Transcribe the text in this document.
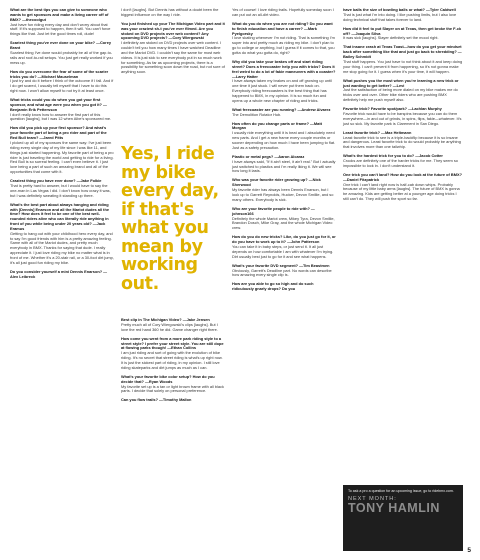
What are the best tips you can give to someone who wants to get sponsors and make a living career off of BMX? —thecoolgut
Just have fun riding every day and don't worry about that stuff. If it's supposed to happen, then it will. You can't force things like that. Just let the good times roll, dude!
Scariest thing you've ever done on your bike? —Corey Brant
Scariest thing I've done would probably be all of the gap-to-rails and roof-to-rail setups. You just get really worked if you mess up.
How do you overcome the fear of some of the scarier tricks you do? —Michael Mauselman
I just try and do it before I think of the outcome if I fall. And if I do get scared, I usually tell myself that I have to do this right now. I won't allow myself to not try it at least once.
What tricks could you do when you got your first sponsor, and what age were you when you got it? —Benjamin Erik Pettersson
I don't really know how to answer the first part of this question [laughs], but I was 12 when Albe's sponsored me.
How did you pick up your first sponsor? And what's your favorite part of being a pro rider and part of the Red Bull team? —Jared Pitts
I picked up all of my sponsors the same way: I've just been riding every single day of my life since I was like 11, and things just started happening. My favorite part of being a pro rider is just traveling the world and getting to ride for a living. Red Bull is so surreal feeling. I can't even believe it. I just love being a part of such an amazing brand and all of the opportunities that come with it.
Craziest thing you have ever done? —Jake Folkie
That is pretty hard to answer, but I would have to say the one-man in Las Vegas I did. I don't know how crazy it was, but I was definitely sweating it standing up there.
What's the best part about always hanging and riding with [Dennis] Enarson and all the Mariot dudes all the time? How does it feel to be one of the best well-rounded riders alive who can literally ride anything in front of you while being under 20 years old? —Jack Eramus
Getting to hang out with your childhood hero every day, and to say I'm good friends with him is a pretty amazing feeling. Same with all of the Mariot dudes, and pretty much everybody in BMX. Thanks for saying that dude. I really appreciate it. I just love riding my bike no matter what is in front of me. Whether it's a 20-stair rail, or a 30-foot dirt jump, it's all just good fun riding my bike.
Do you consider yourself a mini Dennis Enarson? —Alex Leibreck
I don't [laughs]. But Dennis has without a doubt been the biggest influence on the way I ride.
You just finished up your The Michigan Video part and it was your craziest sh-t you've ever filmed. Are you stoked on DVD projects over web content? Any upcoming DVD projects? —Cory Wiergowski
I definitely am stoked on DVD projects over web content. I couldn't tell you how many times I have watched Deadline and the Mariot DVD. I couldn't say the same for most web videos. It is just sick to see everybody put in so much work for something. As far as upcoming projects, there is a possibility for something soon down the road, but not sure of anything soon.
Yes, I ride my bike every day, if that's what you mean by working out.
Best clip in The Michigan Video? —Jake Jensen
Pretty much all of Cory Wiergowski's clips [laughs]. But I love the red hand 360 he did. Game changer right there.
How come you went from a more park riding style to a street style? I prefer your street style. You are still dope at flowing parks though! —Ethan Collins
I am just riding and sort of going with the evolution of bike riding. It's no secret that street riding is what's up right now. It is just the sickest part of riding, in my opinion. I still love riding skateparks and dirt jumps as much as I can.
What's your favorite bike color setup? How do you decide that? —Ryan Woods
My favorite set up is a tan or light brown frame with all black parts. I decide that solely on personal preference.
Can you flow trails? —Timothy Mallon
Yes of course! I love riding trails. Hopefully someday soon I can put out an all-dirt video.
What do you do when you are not riding? Do you want to finish education and have a career? —Mark Pyelgorsky
I love skating whenever I'm not riding. That is something I'm super into and pretty much as riding my bike. I don't plan to go to college or anything, but I guess if it comes to that, you gotta do what you gotta do, right?
Why did you take your brakes off and start riding street? Does a freecoaster help you with tricks? Does it feel weird to do a lot of fakie maneuvers with a coaster? —Larry Hatter
I have always taken my brakes on and off growing up until one time it just stuck. I will never put them back on. Everybody riding freecoasters is the best thing that has happened to BMX, in my opinion. It is so much fun and opens up a whole new chapter of riding and tricks.
What freecoaster are you running? —Andrew Alvarez
The Demolition Rotator Hub.
How often do you change parts or frame? —Matt Morgan
I usually ride everything until it is beat and I absolutely need new parts. And I get a new frame every couple months or sooner depending on how much I have been jumping to flat. Just as a safety precaution.
Plastic or metal pegs? —Aaron Alcaraz
I have always said, "If it ain't steel, it ain't real." But I actually just switched to plastics and I'm really liking it. We will see how long it lasts.
Who was your favorite rider growing up? —Nick Sherwood
My favorite rider has always been Dennis Enarson, but I look up to Garrett Reynolds, Hucker, Devon Smillie, and so many others. Everybody is sick.
Who are your favorite people to ride with? —johnson166
Definitely the whole Mariot crew, Mikey Tyra, Devon Smillie, Brandon Dosch, Mike Gray, and the whole Michigan Video crew.
How do you do new tricks? Like, do you just go for it, or do you have to work up to it? —John Patterson
You can take it in baby steps, or just send it. It all just depends on how comfortable I am with whatever I'm trying. Dirt usually best just to go for it and see what happens.
What's your favorite DVD segment? —Tim Beastmen
Obviously, Garrett's Deadline part. No words can describe how amazing every single clip is.
How are you able to go so high and do such ridiculously gnarly drops? Do you
have balls the size of bowling balls or what? —Tyler Caldwell
That is just what I'm into doing. I like pushing limits, but I also love doing technical stuff that takes forever to land.
How did it feel to put Slayer on at Texas, then get broke the F-ck off? —Joaquin Silva
It was sick [laughs]. Slayer definitely set the mood right.
That insane crash at Texas Toast—how do you get your mindset back after something like that and just go back to shredding? —Bailey Schmidt
That stuff happens. You just have to not think about it and keep doing your thing. I can't prevent it from happening, so it's not gonna make me stop going for it. I guess when it's your time, it will happen.
What pushes you the most when you're learning a new trick or just wanting to get better? —Levi
Just the satisfaction of being more dialed on my bike makes me do tricks over and over. Other bike riders who are pushing BMX definitely help me push myself also.
Favorite trick? Favorite spot/park? —Lachlan Murphy
Favorite trick would have to be barspins because you can do them everywhere—in and out of grinds, in spins, flips, fakie—whatever. It's just so sick. My favorite park is Clarement in San Diego.
Least favorite trick? —Max Heltmann
Least favorite trick to see is a triple-backflip because it is so insane and dangerous. Least favorite trick to do would probably be anything that involves more than one tailwhip.
What's the hardest trick for you to do? —Jacob Cotter
Crooks are definitely one of the harder tricks for me. They seem so impossible to lock in. I don't understand it.
One trick you can't land? How do you look at the future of BMX? —Daniel Fitzpatrick
One trick I can't land right now is half-cab down whips. Probably because of my little baby arms [laughs]. The future of BMX is gonna be amazing. Kids are getting better at a younger age doing tricks I still can't do. They will push the sport so far.
To ask a pro a question for an upcoming issue, go to ridebmx.com.
NEXT MONTH:
TONY HAMLIN
5
